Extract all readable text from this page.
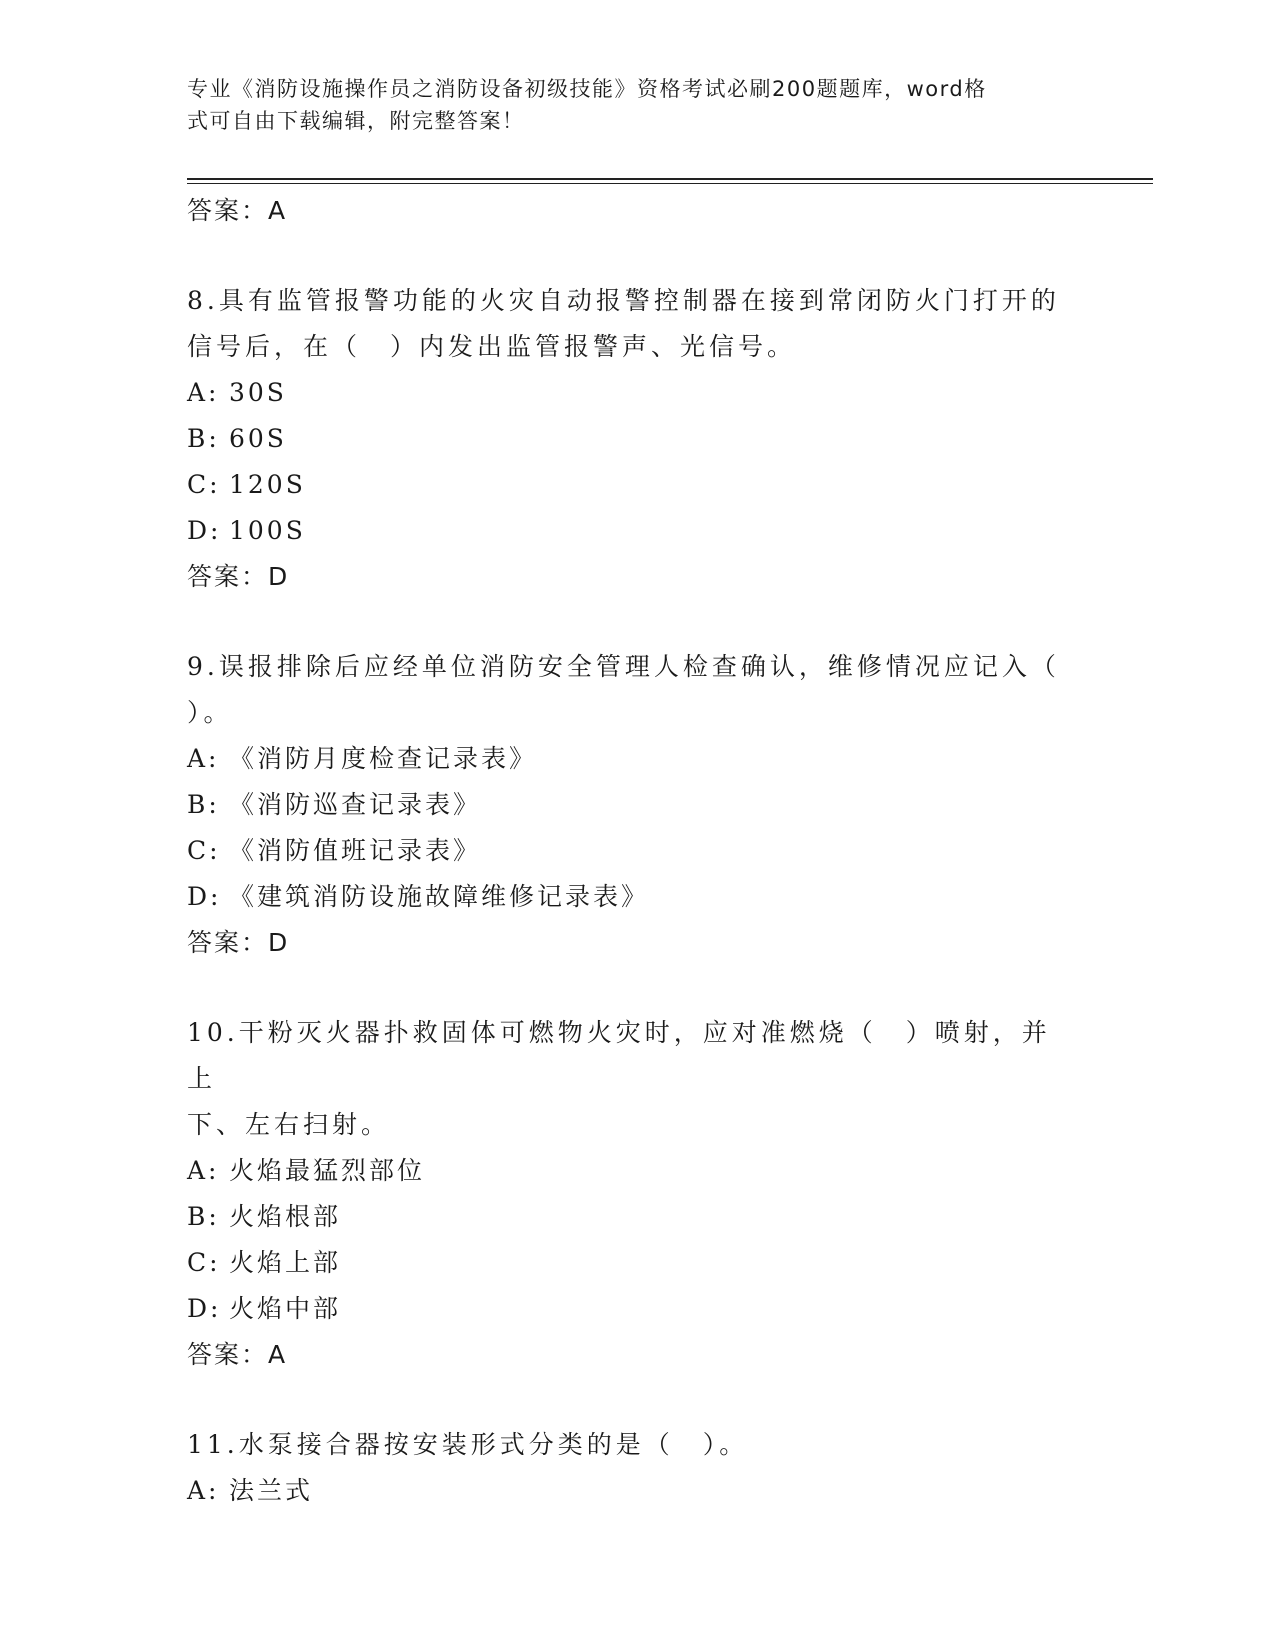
专业《消防设施操作员之消防设备初级技能》资格考试必刷200题题库，word格
式可自由下载编辑，附完整答案！
答案：A
8.具有监管报警功能的火灾自动报警控制器在接到常闭防火门打开的
信号后，在（　）内发出监管报警声、光信号。
A: 30S
B: 60S
C: 120S
D: 100S
答案：D
9.误报排除后应经单位消防安全管理人检查确认，维修情况应记入（
）。
A: 《消防月度检查记录表》
B: 《消防巡查记录表》
C: 《消防值班记录表》
D: 《建筑消防设施故障维修记录表》
答案：D
10.干粉灭火器扑救固体可燃物火灾时，应对准燃烧（　）喷射，并上
下、左右扫射。
A: 火焰最猛烈部位
B: 火焰根部
C: 火焰上部
D: 火焰中部
答案：A
11.水泵接合器按安装形式分类的是（　）。
A: 法兰式
